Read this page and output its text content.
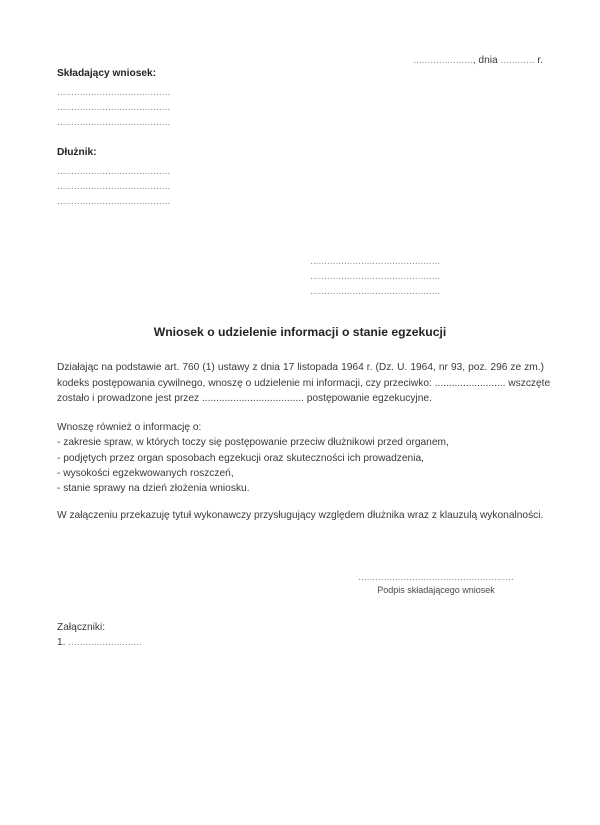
....................., dnia ............ r.
Składający wniosek:
........................................
........................................
........................................
Dłużnik:
........................................
........................................
........................................
..............................................
..............................................
..............................................
Wniosek o udzielenie informacji o stanie egzekucji
Działając na podstawie art. 760 (1) ustawy z dnia 17 listopada 1964 r. (Dz. U. 1964, nr 93, poz. 296 ze zm.)
kodeks postępowania cywilnego, wnoszę o udzielenie mi informacji, czy przeciwko: ......................... wszczęte
zostało i prowadzone jest przez .................................... postępowanie egzekucyjne.
Wnoszę również o informację o:
- zakresie spraw, w których toczy się postępowanie przeciw dłużnikowi przed organem,
- podjętych przez organ sposobach egzekucji oraz skuteczności ich prowadzenia,
- wysokości egzekwowanych roszczeń,
- stanie sprawy na dzień złożenia wniosku.
W załączeniu przekazuję tytuł wykonawczy przysługujący względem dłużnika wraz z klauzulą wykonalności.
.......................................................
Podpis składającego wniosek
Załączniki:
1. ..........................
